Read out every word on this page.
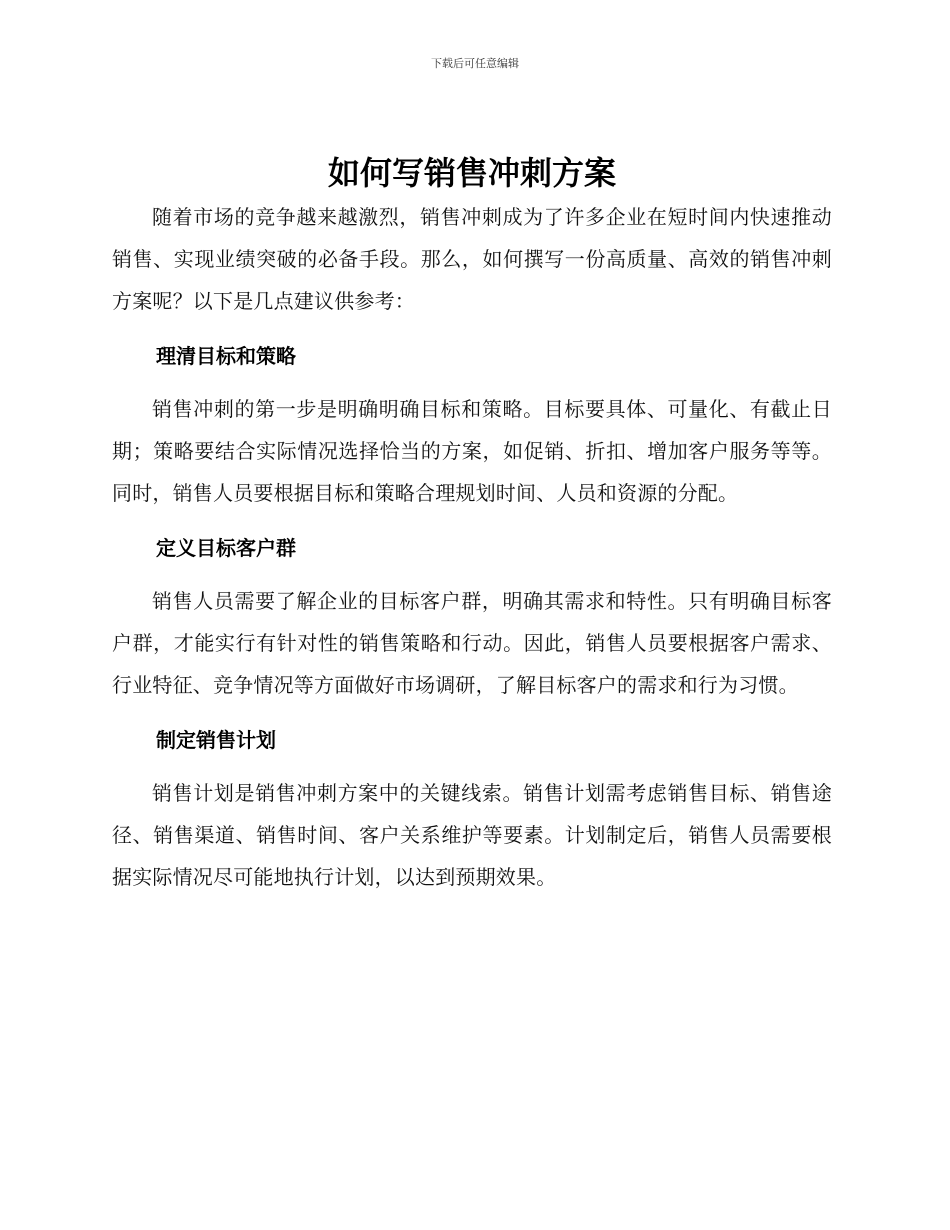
下载后可任意编辑
如何写销售冲刺方案

随着市场的竞争越来越激烈，销售冲刺成为了许多企业在短时间内快速推动销售、实现业绩突破的必备手段。那么，如何撰写一份高质量、高效的销售冲刺方案呢？以下是几点建议供参考：

理清目标和策略

销售冲刺的第一步是明确明确目标和策略。目标要具体、可量化、有截止日期；策略要结合实际情况选择恰当的方案，如促销、折扣、增加客户服务等等。同时，销售人员要根据目标和策略合理规划时间、人员和资源的分配。

定义目标客户群

销售人员需要了解企业的目标客户群，明确其需求和特性。只有明确目标客户群，才能实行有针对性的销售策略和行动。因此，销售人员要根据客户需求、行业特征、竞争情况等方面做好市场调研，了解目标客户的需求和行为习惯。

制定销售计划

销售计划是销售冲刺方案中的关键线索。销售计划需考虑销售目标、销售途径、销售渠道、销售时间、客户关系维护等要素。计划制定后，销售人员需要根据实际情况尽可能地执行计划，以达到预期效果。
